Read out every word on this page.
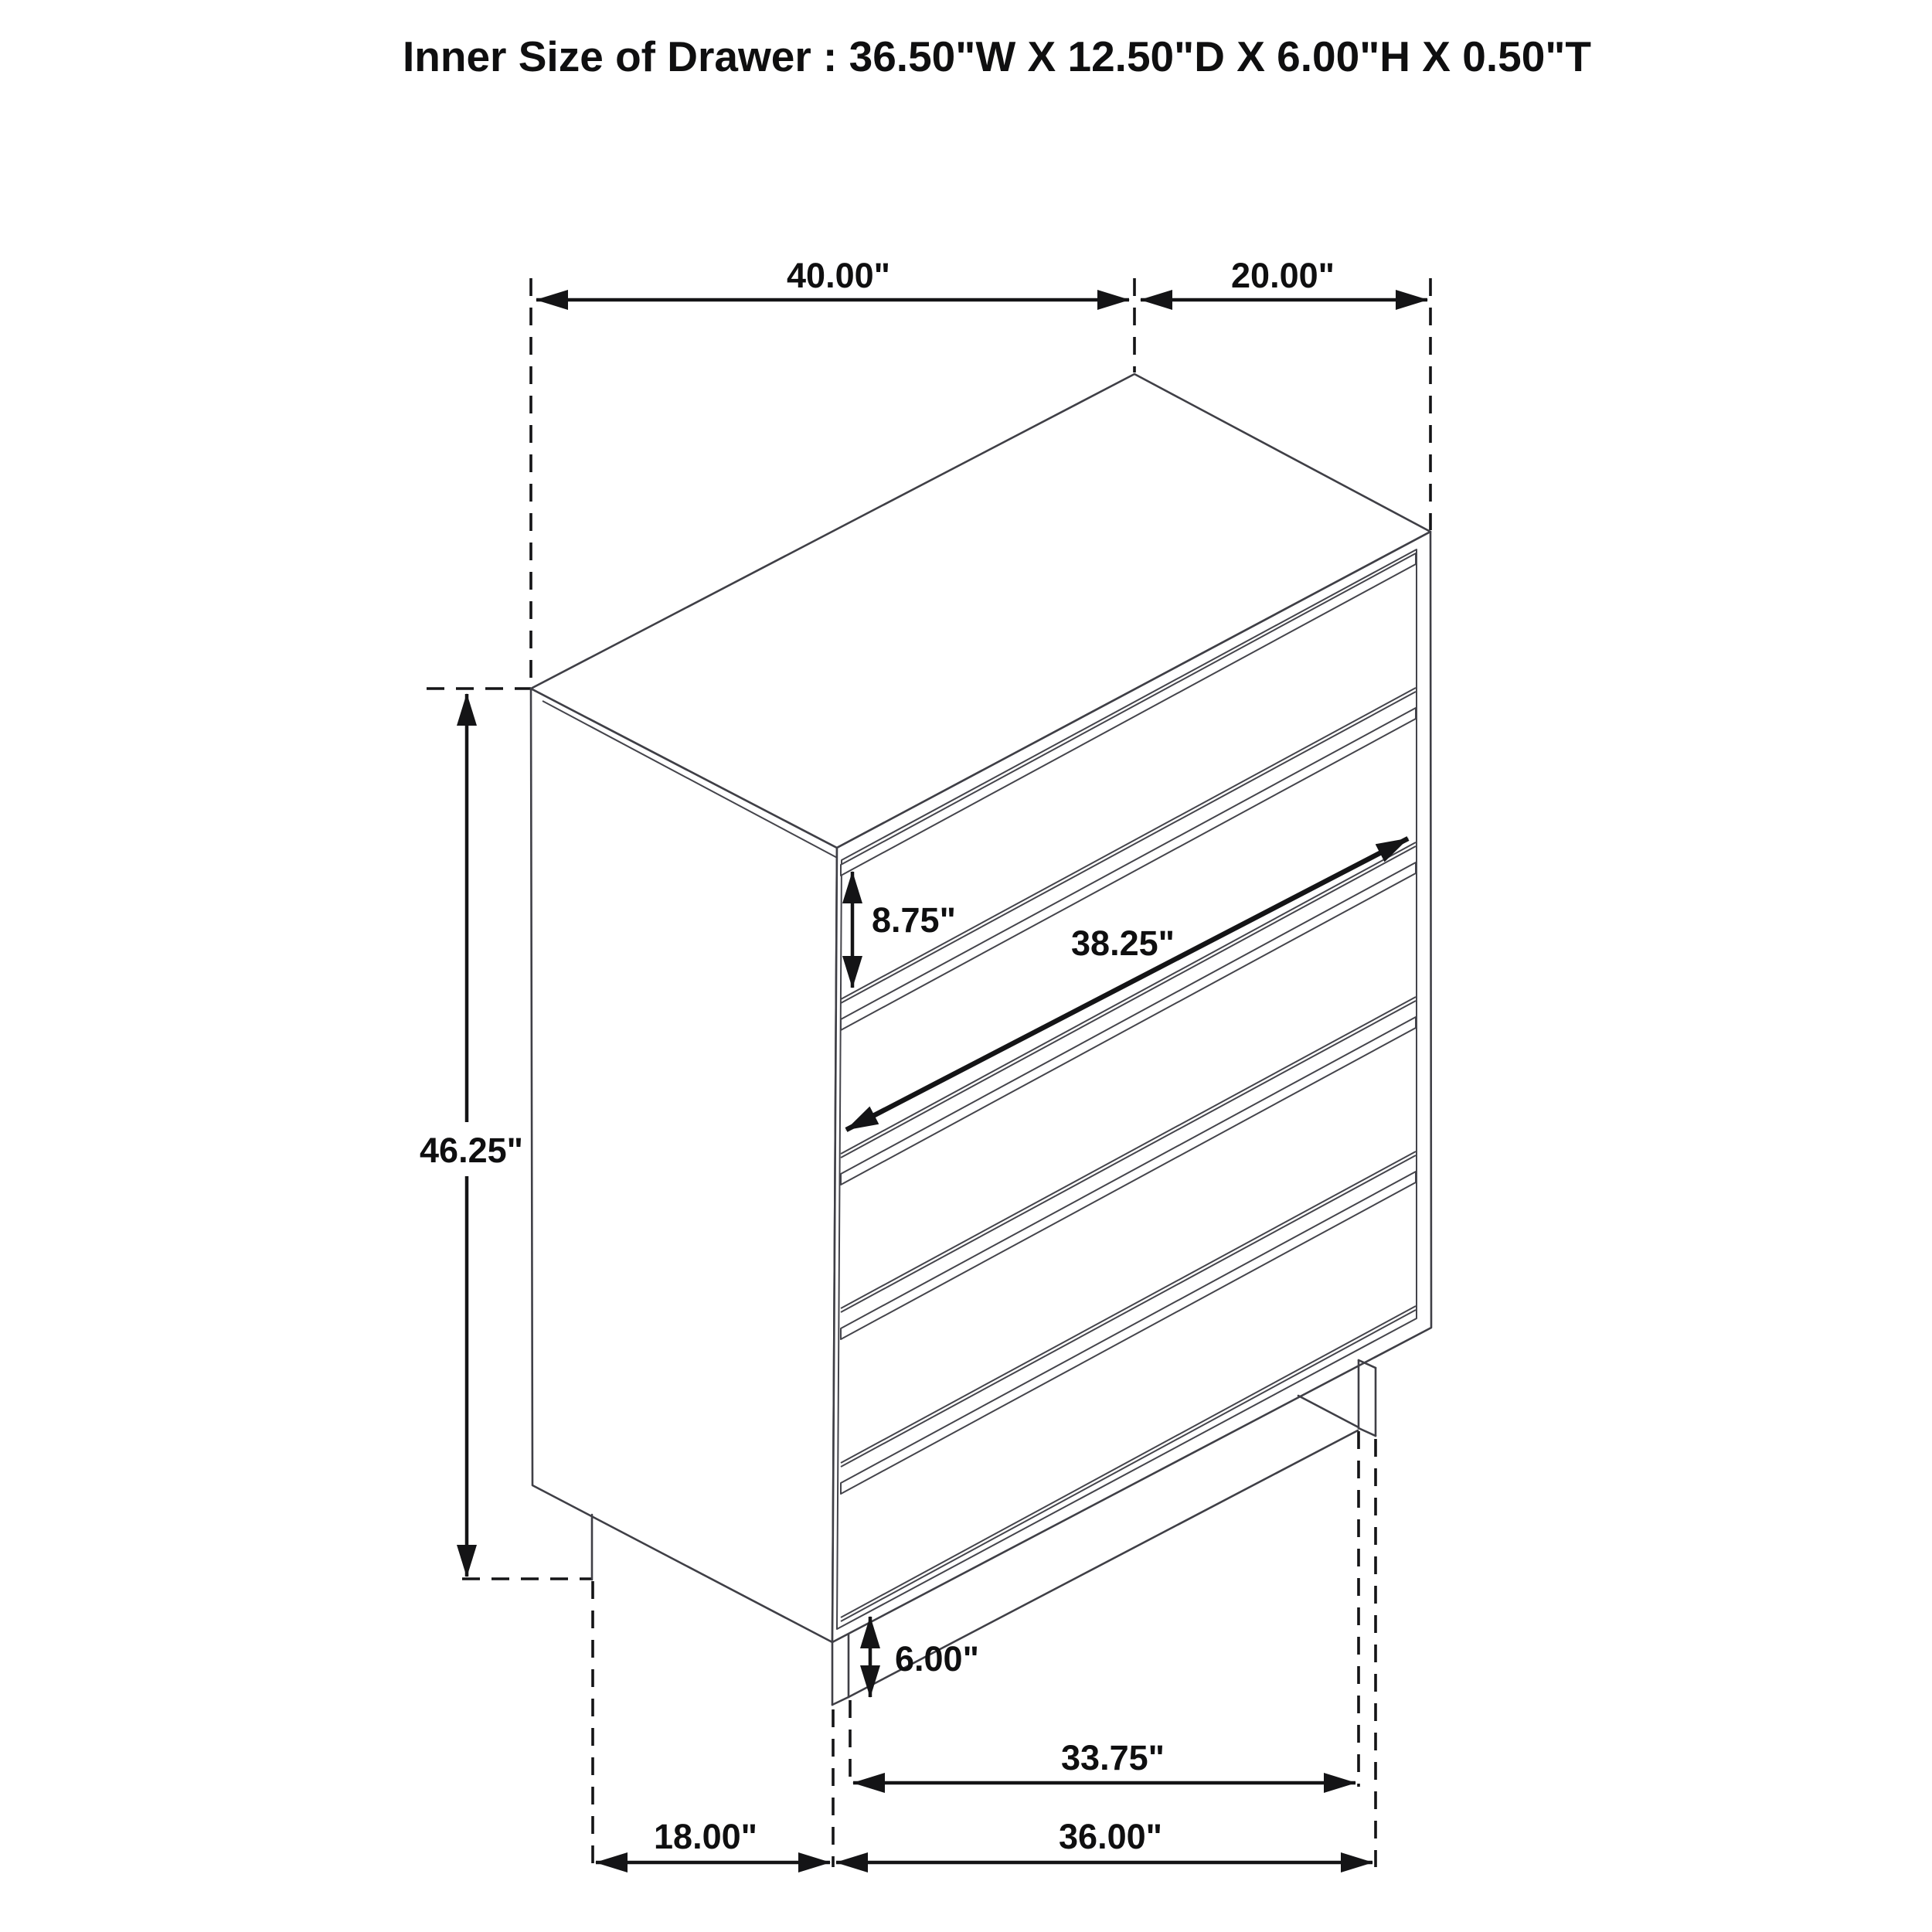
Inner Size of Drawer : 36.50"W X 12.50"D X 6.00"H X 0.50"T
40.00"	20.00"
46.25"
8.75"
38.25"
6.00"
33.75"
18.00"	36.00"
